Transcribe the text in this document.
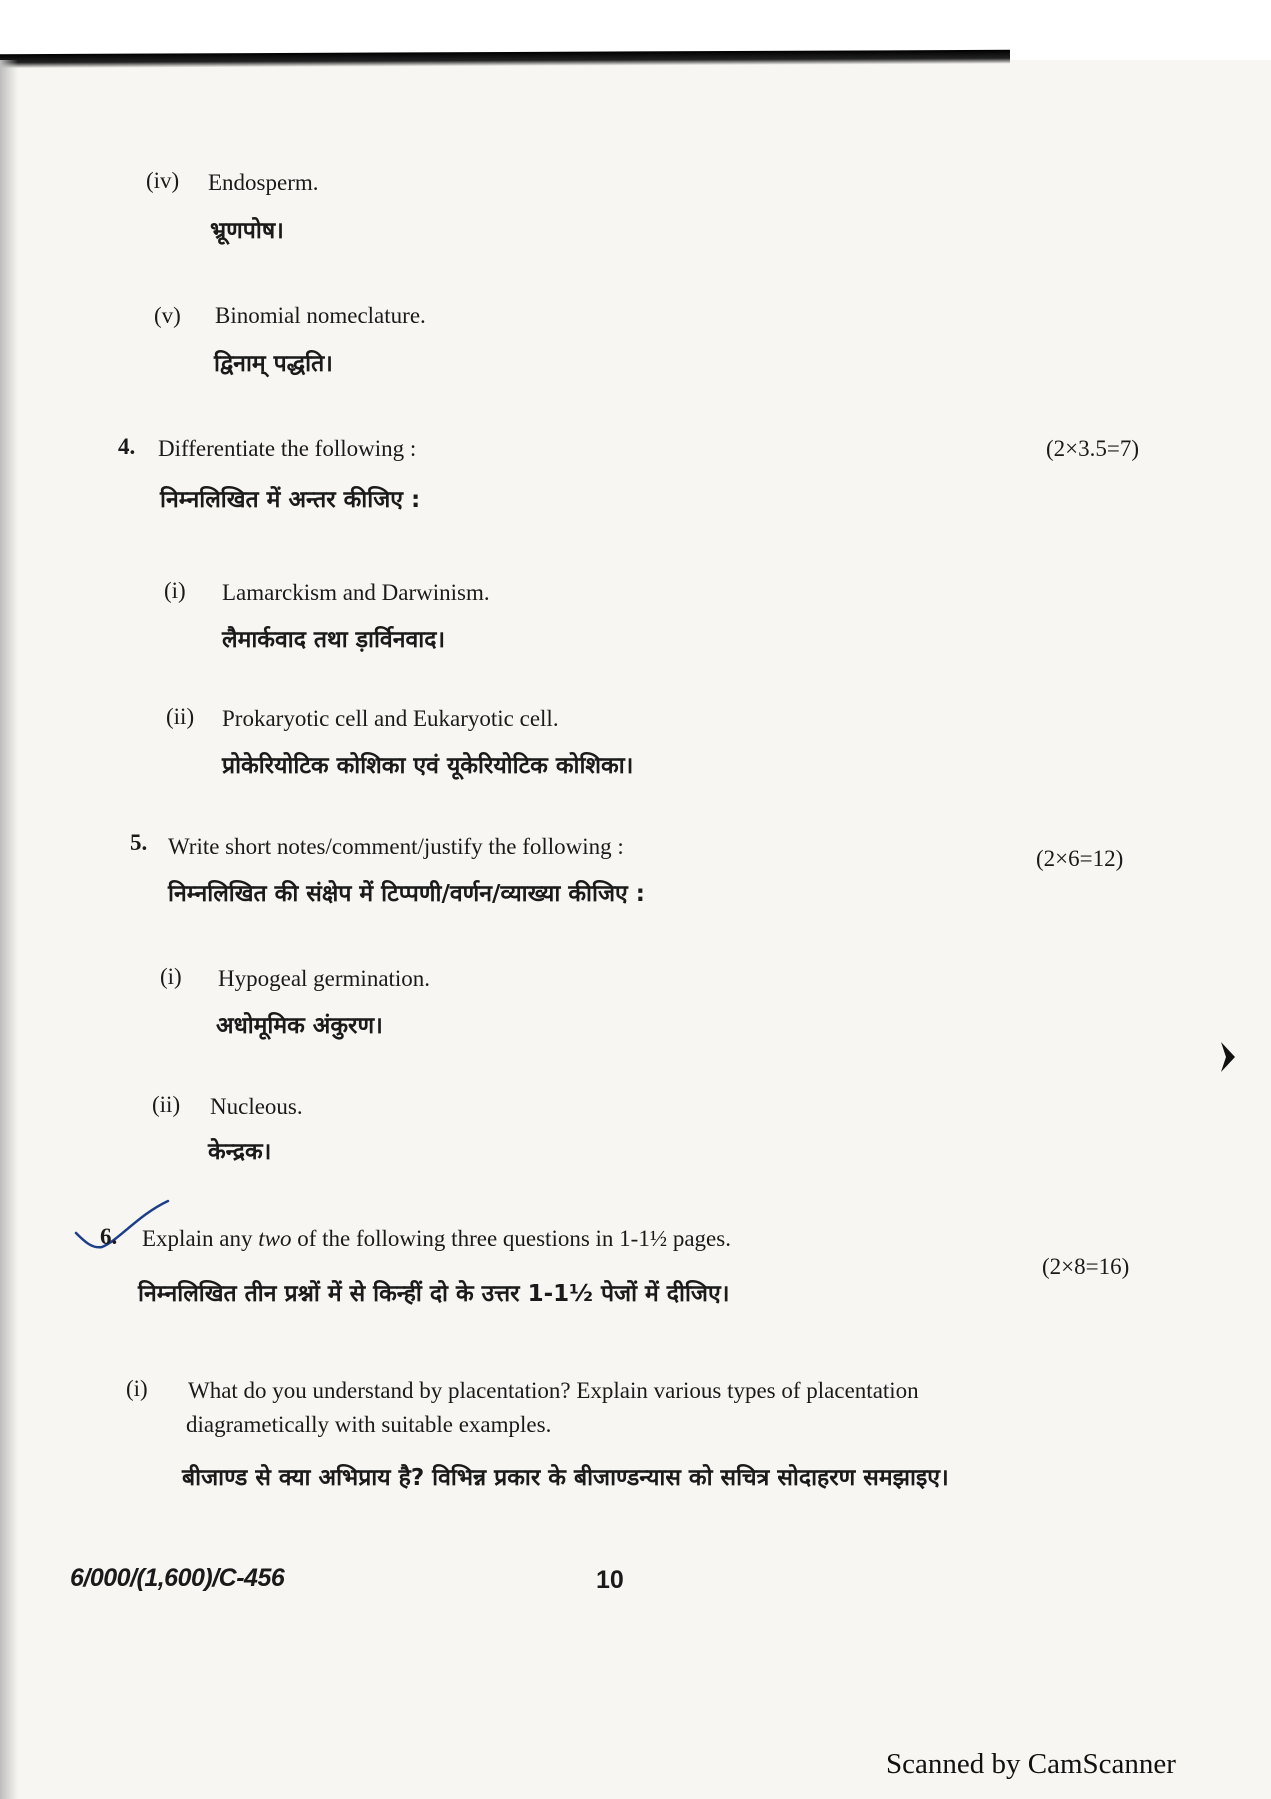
(iv) Endosperm.
भ्रूणपोष।
(v) Binomial nomeclature.
द्विनाम् पद्धति।
4. Differentiate the following :	(2×3.5=7)
निम्नलिखित में अन्तर कीजिए :
(i) Lamarckism and Darwinism.
लैमार्कवाद तथा ड़ार्विनवाद।
(ii) Prokaryotic cell and Eukaryotic cell.
प्रोकेरियोटिक कोशिका एवं यूकेरियोटिक कोशिका।
5. Write short notes/comment/justify the following :	(2×6=12)
निम्नलिखित की संक्षेप में टिप्पणी/वर्णन/व्याख्या कीजिए :
(i) Hypogeal germination.
अधोमूमिक अंकुरण।
(ii) Nucleous.
केन्द्रक।
6. Explain any two of the following three questions in 1-1½ pages.
(2×8=16)
निम्नलिखित तीन प्रश्नों में से किन्हीं दो के उत्तर 1-1½ पेजों में दीजिए।
(i) What do you understand by placentation? Explain various types of placentation
diagrametically with suitable examples.
बीजाण्ड से क्या अभिप्राय है? विभिन्न प्रकार के बीजाण्डन्यास को सचित्र सोदाहरण समझाइए।
6/000/(1,600)/C-456	10
Scanned by CamScanner
